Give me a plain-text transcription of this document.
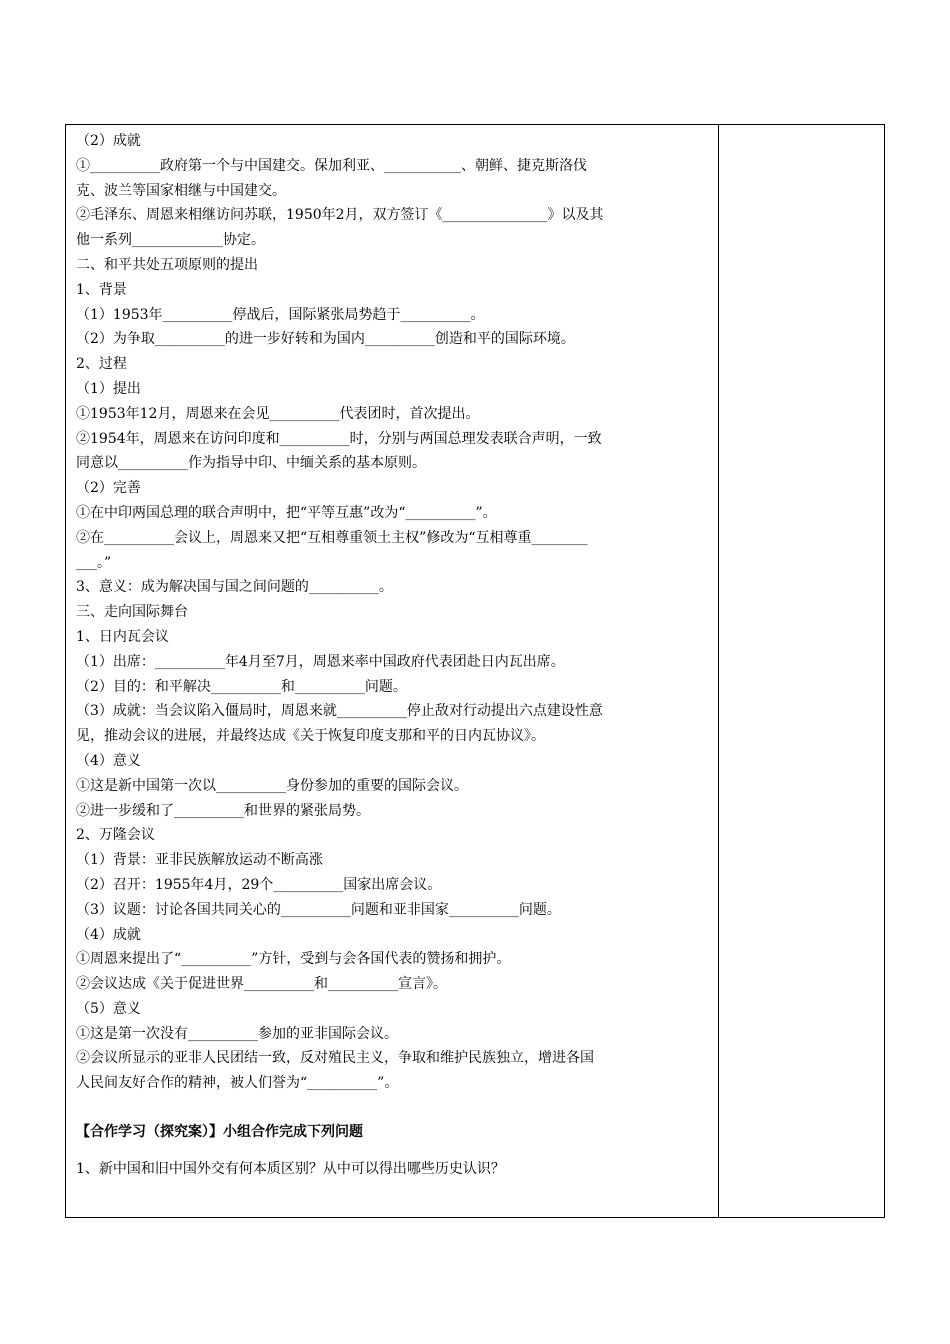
（2）成就
①__________政府第一个与中国建交。保加利亚、___________、朝鲜、捷克斯洛伐
克、波兰等国家相继与中国建交。
②毛泽东、周恩来相继访问苏联，1950年2月，双方签订《_______________》以及其
他一系列_____________协定。
二、和平共处五项原则的提出
1、背景
（1）1953年__________停战后，国际紧张局势趋于__________。
（2）为争取__________的进一步好转和为国内__________创造和平的国际环境。
2、过程
（1）提出
①1953年12月，周恩来在会见__________代表团时，首次提出。
②1954年，周恩来在访问印度和__________时，分别与两国总理发表联合声明，一致
同意以__________作为指导中印、中缅关系的基本原则。
（2）完善
①在中印两国总理的联合声明中，把“平等互惠”改为“__________”。
②在__________会议上，周恩来又把“互相尊重领土主权”修改为“互相尊重________
___。”
3、意义：成为解决国与国之间问题的__________。
三、走向国际舞台
1、日内瓦会议
（1）出席：__________年4月至7月，周恩来率中国政府代表团赴日内瓦出席。
（2）目的：和平解决__________和__________问题。
（3）成就：当会议陷入僵局时，周恩来就__________停止敌对行动提出六点建设性意
见，推动会议的进展，并最终达成《关于恢复印度支那和平的日内瓦协议》。
（4）意义
①这是新中国第一次以__________身份参加的重要的国际会议。
②进一步缓和了__________和世界的紧张局势。
2、万隆会议
（1）背景：亚非民族解放运动不断高涨
（2）召开：1955年4月，29个__________国家出席会议。
（3）议题：讨论各国共同关心的__________问题和亚非国家__________问题。
（4）成就
①周恩来提出了“__________”方针，受到与会各国代表的赞扬和拥护。
②会议达成《关于促进世界__________和__________宣言》。
（5）意义
①这是第一次没有__________参加的亚非国际会议。
②会议所显示的亚非人民团结一致，反对殖民主义，争取和维护民族独立，增进各国
人民间友好合作的精神，被人们誉为“__________”。
【合作学习（探究案）】小组合作完成下列问题
1、新中国和旧中国外交有何本质区别？从中可以得出哪些历史认识？
